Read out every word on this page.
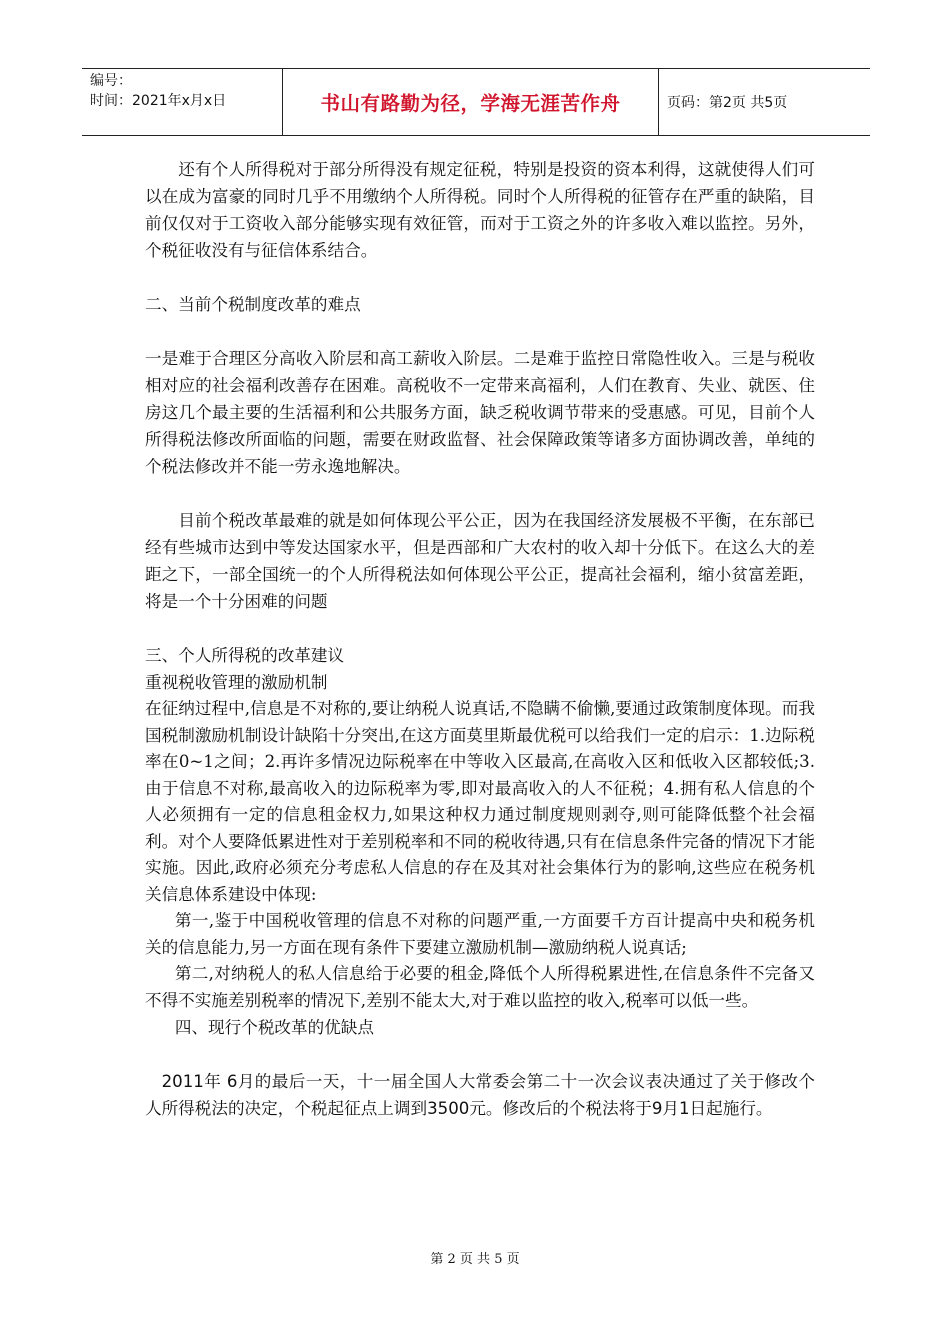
编号：
时间：2021年x月x日	书山有路勤为径，学海无涯苦作舟	页码：第2页 共5页

还有个人所得税对于部分所得没有规定征税，特别是投资的资本利得，这就使得人们可以在成为富豪的同时几乎不用缴纳个人所得税。同时个人所得税的征管存在严重的缺陷，目前仅仅对于工资收入部分能够实现有效征管，而对于工资之外的许多收入难以监控。另外，个税征收没有与征信体系结合。

二、当前个税制度改革的难点

一是难于合理区分高收入阶层和高工薪收入阶层。二是难于监控日常隐性收入。三是与税收相对应的社会福利改善存在困难。高税收不一定带来高福利，人们在教育、失业、就医、住房这几个最主要的生活福利和公共服务方面，缺乏税收调节带来的受惠感。可见，目前个人所得税法修改所面临的问题，需要在财政监督、社会保障政策等诸多方面协调改善，单纯的个税法修改并不能一劳永逸地解决。

目前个税改革最难的就是如何体现公平公正，因为在我国经济发展极不平衡，在东部已经有些城市达到中等发达国家水平，但是西部和广大农村的收入却十分低下。在这么大的差距之下，一部全国统一的个人所得税法如何体现公平公正，提高社会福利，缩小贫富差距，将是一个十分困难的问题

三、个人所得税的改革建议

重视税收管理的激励机制

在征纳过程中,信息是不对称的,要让纳税人说真话,不隐瞒不偷懒,要通过政策制度体现。而我国税制激励机制设计缺陷十分突出,在这方面莫里斯最优税可以给我们一定的启示：1.边际税率在0~1之间；2.再许多情况边际税率在中等收入区最高,在高收入区和低收入区都较低;3.由于信息不对称,最高收入的边际税率为零,即对最高收入的人不征税；4.拥有私人信息的个人必须拥有一定的信息租金权力,如果这种权力通过制度规则剥夺,则可能降低整个社会福利。对个人要降低累进性对于差别税率和不同的税收待遇,只有在信息条件完备的情况下才能实施。因此,政府必须充分考虑私人信息的存在及其对社会集体行为的影响,这些应在税务机关信息体系建设中体现:

第一,鉴于中国税收管理的信息不对称的问题严重,一方面要千方百计提高中央和税务机关的信息能力,另一方面在现有条件下要建立激励机制—激励纳税人说真话;

第二,对纳税人的私人信息给于必要的租金,降低个人所得税累进性,在信息条件不完备又不得不实施差别税率的情况下,差别不能太大,对于难以监控的收入,税率可以低一些。

四、现行个税改革的优缺点

2011年 6月的最后一天，十一届全国人大常委会第二十一次会议表决通过了关于修改个人所得税法的决定，个税起征点上调到3500元。修改后的个税法将于9月1日起施行。

第 2 页 共 5 页
